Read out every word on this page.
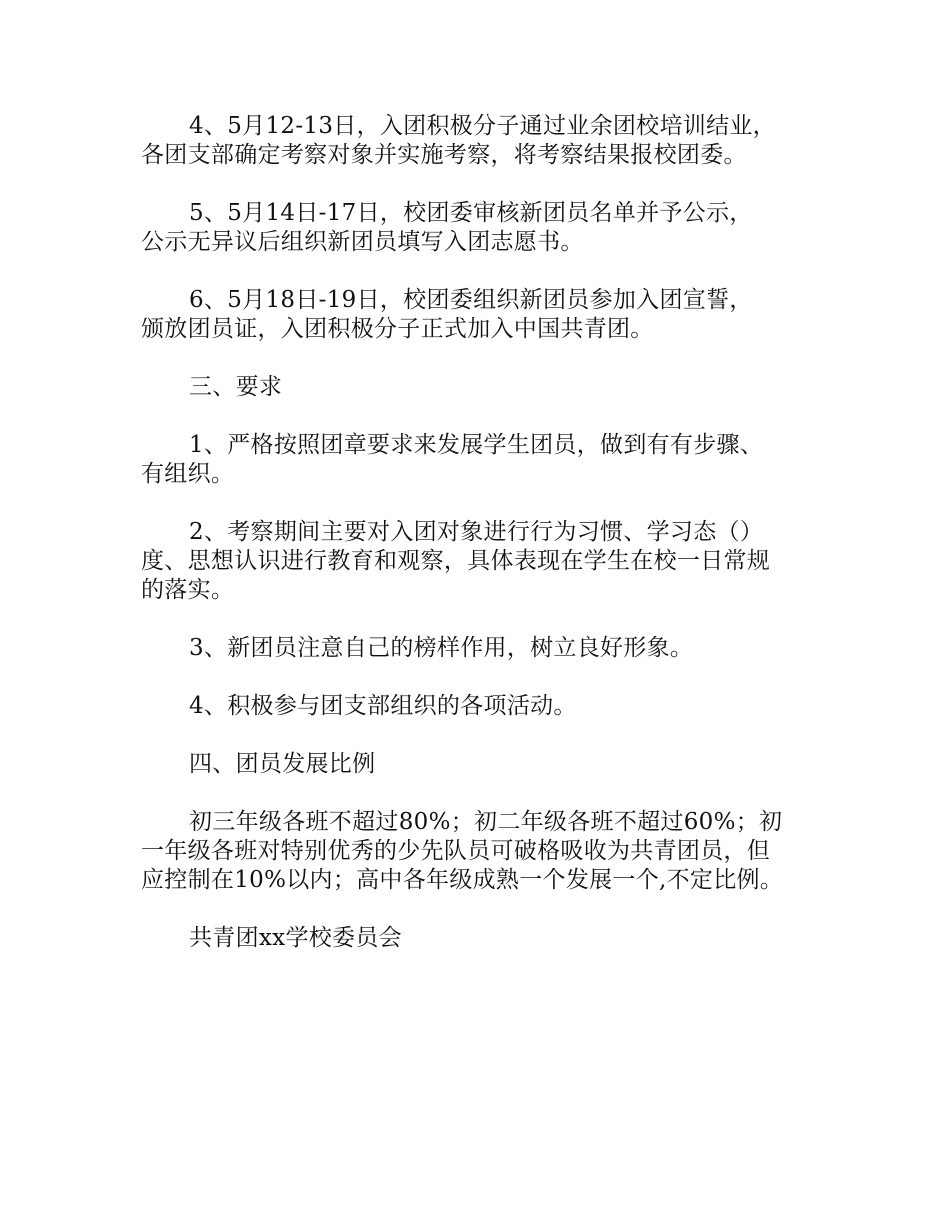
4、5月12-13日，入团积极分子通过业余团校培训结业，
各团支部确定考察对象并实施考察，将考察结果报校团委。

5、5月14日-17日，校团委审核新团员名单并予公示，
公示无异议后组织新团员填写入团志愿书。

6、5月18日-19日，校团委组织新团员参加入团宣誓，
颁放团员证，入团积极分子正式加入中国共青团。

三、要求

1、严格按照团章要求来发展学生团员，做到有有步骤、
有组织。

2、考察期间主要对入团对象进行行为习惯、学习态（）
度、思想认识进行教育和观察，具体表现在学生在校一日常规
的落实。

3、新团员注意自己的榜样作用，树立良好形象。

4、积极参与团支部组织的各项活动。

四、团员发展比例

初三年级各班不超过80%；初二年级各班不超过60%；初
一年级各班对特别优秀的少先队员可破格吸收为共青团员，但
应控制在10%以内；高中各年级成熟一个发展一个,不定比例。

共青团xx学校委员会
